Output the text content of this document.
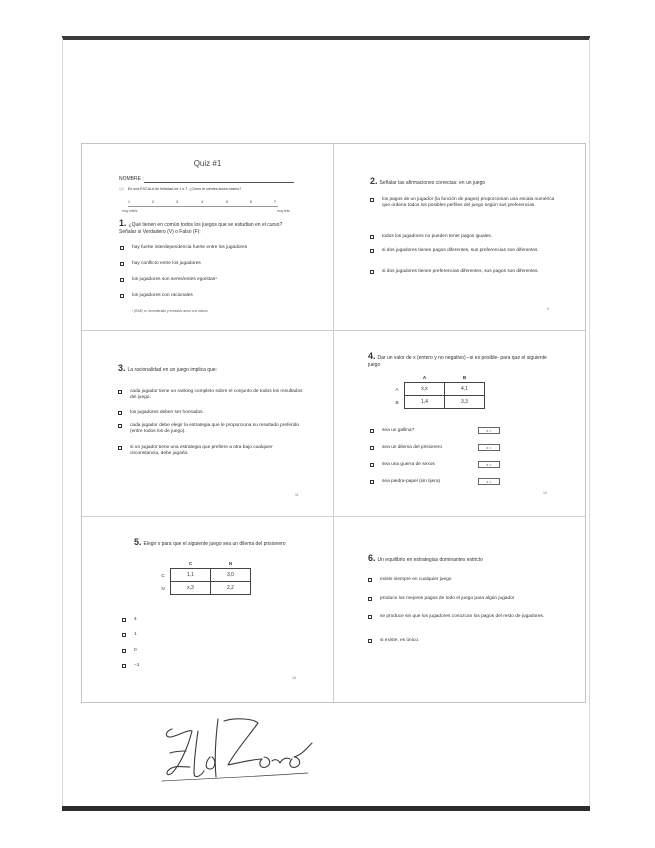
Quiz #1
NOMBRE :
Q0. En una ESCALA de felicidad de 1 a 7. ¿Cómo te sientes ahora mismo?
1	2	3	4	5	6	7
muy infeliz	muy feliz
1. ¿Qué tienen en común todos los juegos que se estudian en el curso? Señalar si Verdadero (V) o Falso (F):
hay fuerte interdependencia fuerte entre los jugadores
hay conflicto entre los jugadores
los jugadores son seres/entes egoístas¹
los jugadores con racionales
¹ (RAE) m. Inmoderado y excesivo amor a sí mismo
2. Señalar las afirmaciones correctas: en un juego
los pagos de un jugador (la función de pagos) proporcionan una escala numérica que ordena todos los posibles perfiles del juego según sus preferencias.
todos los jugadores no pueden tener pagos iguales.
si dos jugadores tienen pagos diferentes, sus preferencias son diferentes.
si dos jugadores tienen preferencias diferentes, sus pagos son diferentes.
9
3. La racionalidad en un juego implica que:
cada jugador tiene un ranking completo sobre el conjunto de todos los resultados del juego.
los jugadores deben ser honrados.
cada jugador debe elegir la estrategia que le proporciona su resultado preferido (entre todos los de juego).
si un jugador tiene una estrategia que prefiere a otra bajo cualquier circunstancia, debe jugarla.
11
4. Dar un valor de x (entero y no negativo) –si es posible- para que el siguiente juego
	A	B
A	x,x	4,1
B	1,4	3,3
sea un gallina?	x =
sea un dilema del prisionero	x =
sea una guerra de sexos	x =
sea piedra-papel (sin tijera)	x =
10
5. Elegir x para que el siguiente juego sea un dilema del prisionero
	C	N
C	1,1	3,0
N	x,3	2,2
4
1
0
−1
16
6. Un equilibrio en estrategias dominantes estricto
existe siempre en cualquier juego
produce los mejores pagos de todo el juego para algún jugador
se produce sin que los jugadores conozcan los pagos del resto de jugadores.
si existe, es único.
